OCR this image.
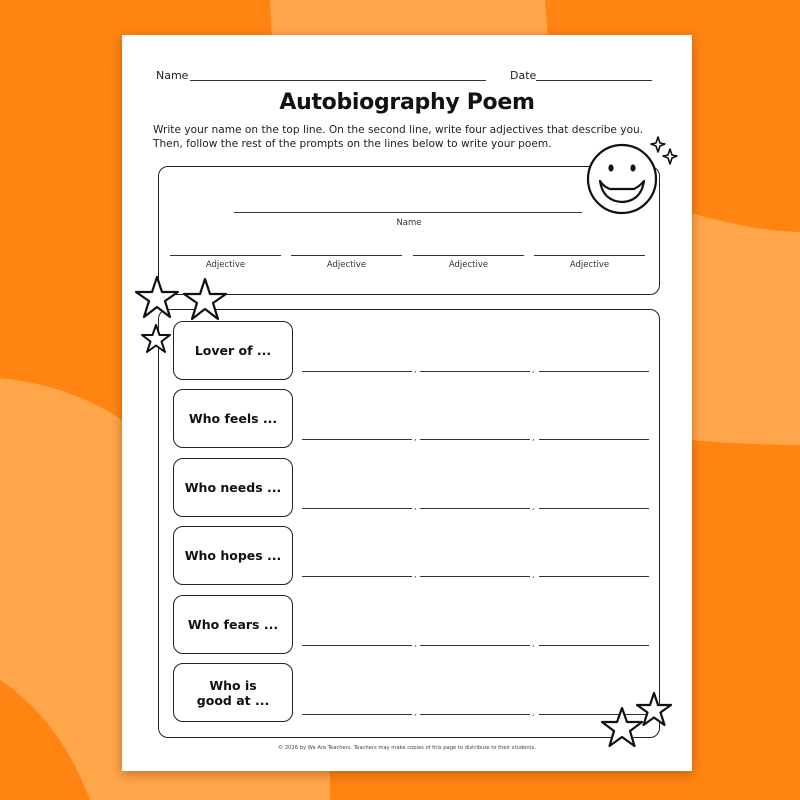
Name	Date
Autobiography Poem
Write your name on the top line. On the second line, write four adjectives that describe you. Then, follow the rest of the prompts on the lines below to write your poem.
Name
Adjective	Adjective	Adjective	Adjective
Lover of ...
,	,
Who feels ...
,	,
Who needs ...
,	,
Who hopes ...
,	,
Who fears ...
,	,
Who is good at ...
,	,
© 2026 by We Are Teachers. Teachers may make copies of this page to distribute to their students.
